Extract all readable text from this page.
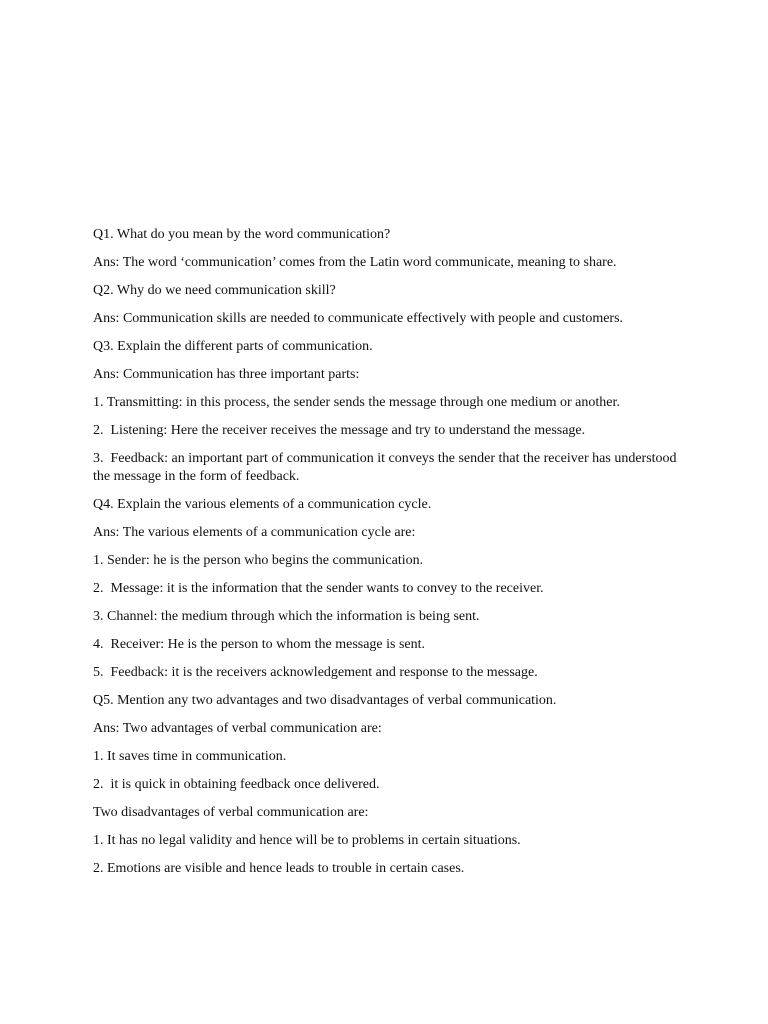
Q1. What do you mean by the word communication?

Ans: The word ‘communication’ comes from the Latin word communicate, meaning to share.

Q2. Why do we need communication skill?

Ans: Communication skills are needed to communicate effectively with people and customers.

Q3. Explain the different parts of communication.

Ans: Communication has three important parts:

1. Transmitting: in this process, the sender sends the message through one medium or another.

2.  Listening: Here the receiver receives the message and try to understand the message.

3.  Feedback: an important part of communication it conveys the sender that the receiver has understood the message in the form of feedback.

Q4. Explain the various elements of a communication cycle.

Ans: The various elements of a communication cycle are:

1. Sender: he is the person who begins the communication.

2.  Message: it is the information that the sender wants to convey to the receiver.

3. Channel: the medium through which the information is being sent.

4.  Receiver: He is the person to whom the message is sent.

5.  Feedback: it is the receivers acknowledgement and response to the message.

Q5. Mention any two advantages and two disadvantages of verbal communication.

Ans: Two advantages of verbal communication are:

1. It saves time in communication.

2.  it is quick in obtaining feedback once delivered.

Two disadvantages of verbal communication are:

1. It has no legal validity and hence will be to problems in certain situations.

2. Emotions are visible and hence leads to trouble in certain cases.
